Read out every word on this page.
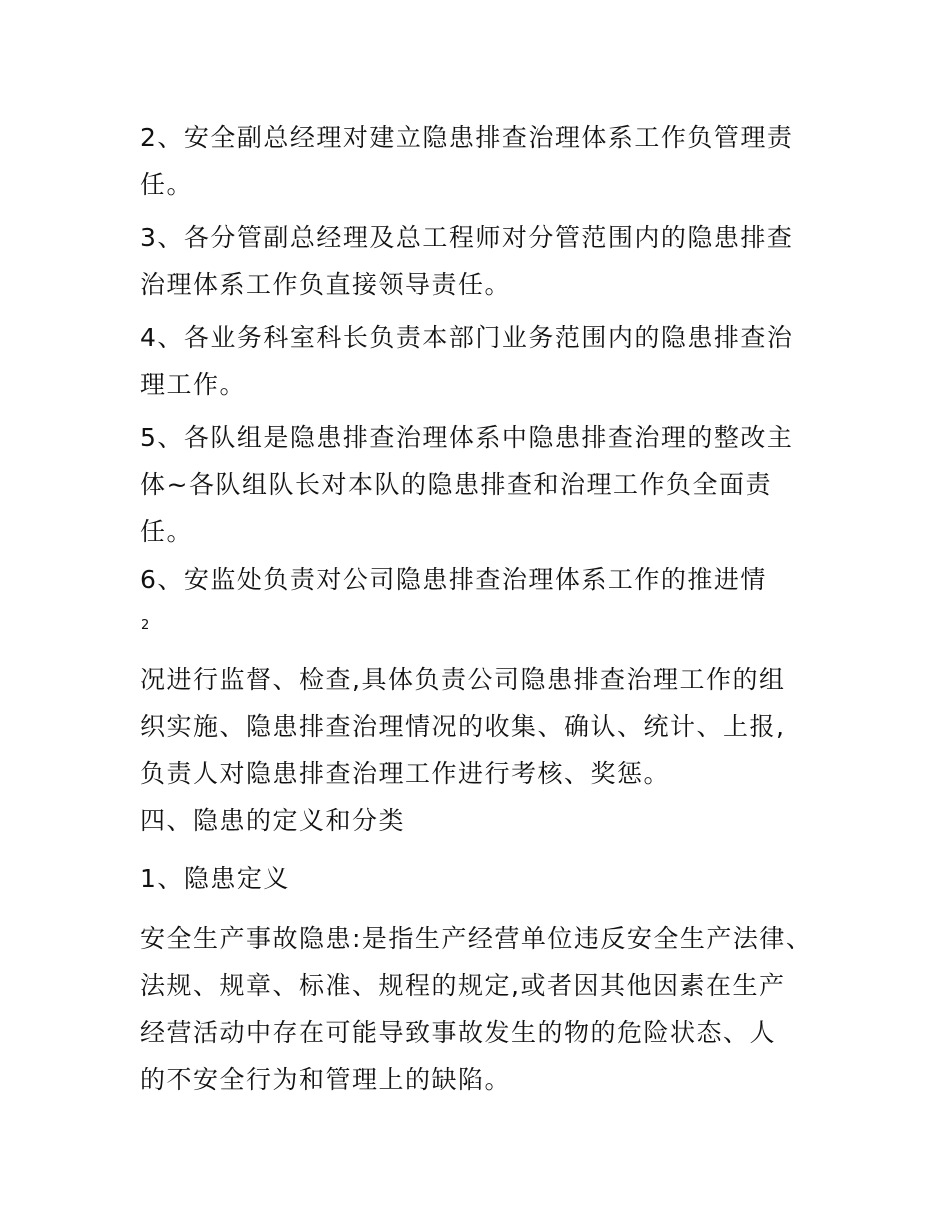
2、安全副总经理对建立隐患排查治理体系工作负管理责
任。

3、各分管副总经理及总工程师对分管范围内的隐患排查
治理体系工作负直接领导责任。

4、各业务科室科长负责本部门业务范围内的隐患排查治
理工作。

5、各队组是隐患排查治理体系中隐患排查治理的整改主
体~各队组队长对本队的隐患排查和治理工作负全面责
任。

6、安监处负责对公司隐患排查治理体系工作的推进情

2

况进行监督、检查,具体负责公司隐患排查治理工作的组
织实施、隐患排查治理情况的收集、确认、统计、上报,
负责人对隐患排查治理工作进行考核、奖惩。

四、隐患的定义和分类

1、隐患定义

安全生产事故隐患:是指生产经营单位违反安全生产法律、
法规、规章、标准、规程的规定,或者因其他因素在生产
经营活动中存在可能导致事故发生的物的危险状态、人
的不安全行为和管理上的缺陷。
